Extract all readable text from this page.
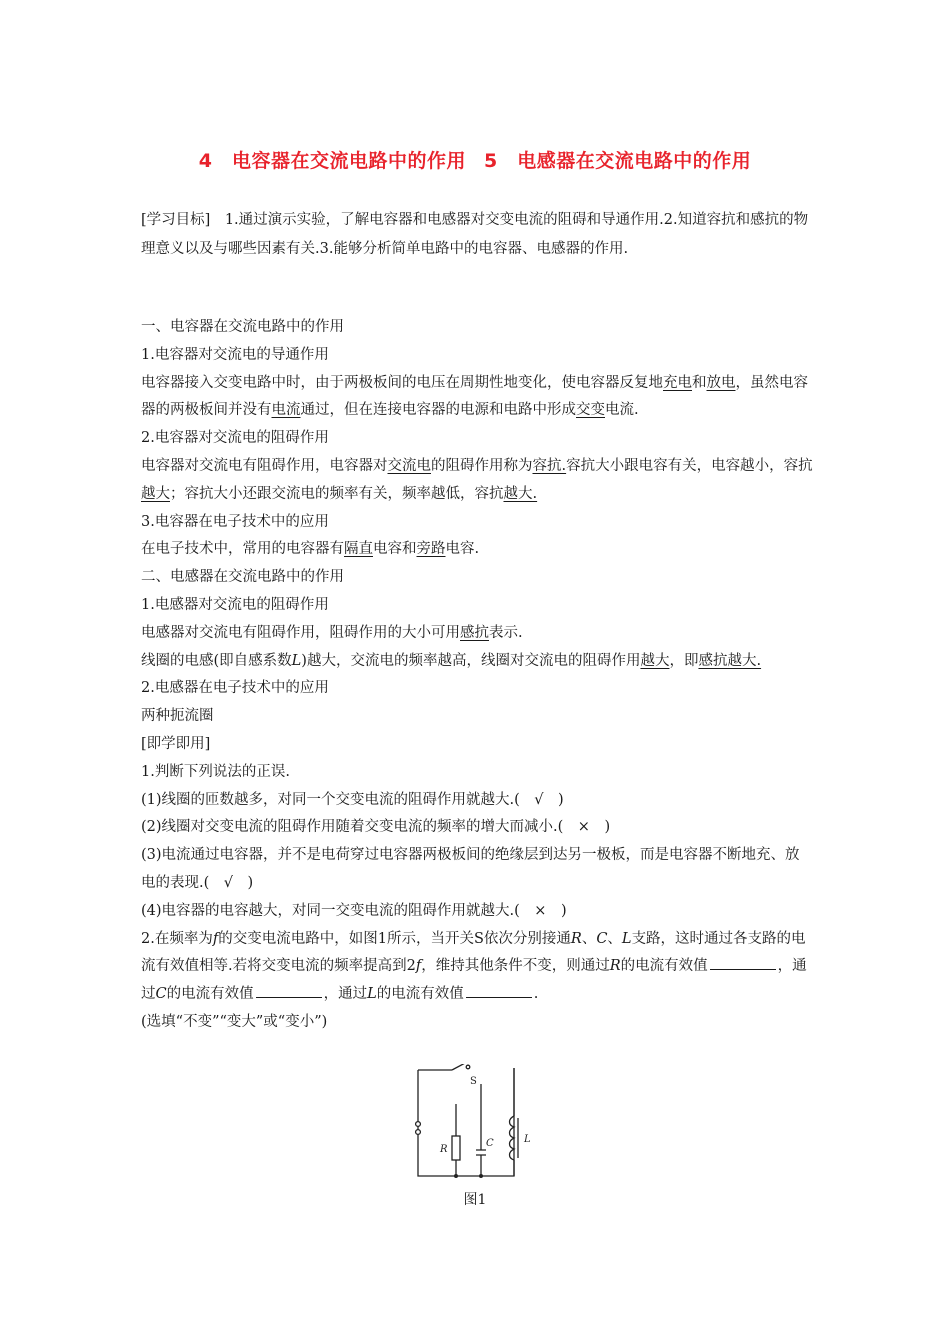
4　电容器在交流电路中的作用 5　电感器在交流电路中的作用

[学习目标]　1.通过演示实验，了解电容器和电感器对交变电流的阻碍和导通作用.2.知道容抗和感抗的物理意义以及与哪些因素有关.3.能够分析简单电路中的电容器、电感器的作用.

一、电容器在交流电路中的作用

1.电容器对交流电的导通作用

电容器接入交变电路中时，由于两极板间的电压在周期性地变化，使电容器反复地充电和放电，虽然电容器的两极板间并没有电流通过，但在连接电容器的电源和电路中形成交变电流.

2.电容器对交流电的阻碍作用

电容器对交流电有阻碍作用，电容器对交流电的阻碍作用称为容抗.容抗大小跟电容有关，电容越小，容抗越大；容抗大小还跟交流电的频率有关，频率越低，容抗越大.

3.电容器在电子技术中的应用

在电子技术中，常用的电容器有隔直电容和旁路电容.

二、电感器在交流电路中的作用

1.电感器对交流电的阻碍作用

电感器对交流电有阻碍作用，阻碍作用的大小可用感抗表示.

线圈的电感(即自感系数L)越大，交流电的频率越高，线圈对交流电的阻碍作用越大，即感抗越大.

2.电感器在电子技术中的应用

两种扼流圈

[即学即用]

1.判断下列说法的正误.

(1)线圈的匝数越多，对同一个交变电流的阻碍作用就越大.(　√　)

(2)线圈对交变电流的阻碍作用随着交变电流的频率的增大而减小.(　×　)

(3)电流通过电容器，并不是电荷穿过电容器两极板间的绝缘层到达另一极板，而是电容器不断地充、放电的表现.(　√　)

(4)电容器的电容越大，对同一交变电流的阻碍作用就越大.(　×　)

2.在频率为f的交变电流电路中，如图1所示，当开关S依次分别接通R、C、L支路，这时通过各支路的电流有效值相等.若将交变电流的频率提高到2f，维持其他条件不变，则通过R的电流有效值	，通过C的电流有效值	，通过L的电流有效值	.

(选填“不变”“变大”或“变小”)

S
R
C	L
图1
